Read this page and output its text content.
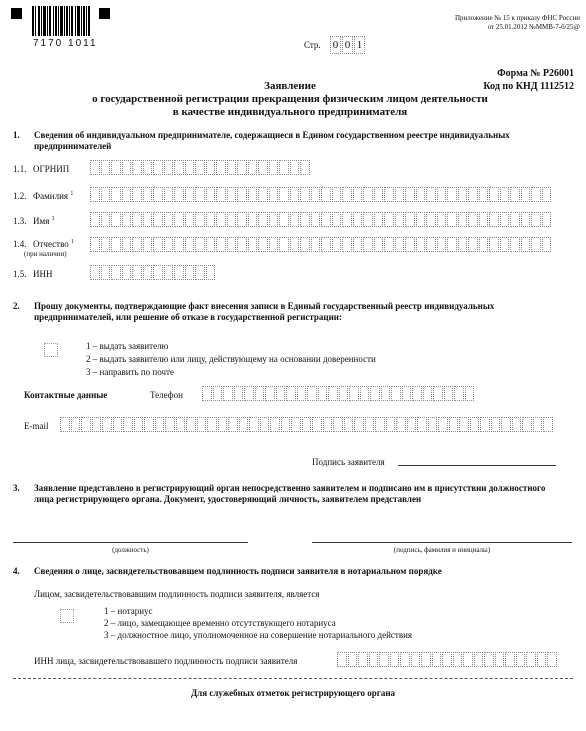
7170 1011
Приложение № 15 к приказу ФНС России
от 25.01.2012 №ММВ-7-6/25@
Стр. 0 0 1
Форма № Р26001
Код по КНД 1112512
Заявление
о государственной регистрации прекращения физическим лицом деятельности
в качестве индивидуального предпринимателя
1. Сведения об индивидуальном предпринимателе, содержащиеся в Едином государственном реестре индивидуальных предпринимателей
1.1. ОГРНИП
1.2. Фамилия $^1$
1.3. Имя $^1$
1.4. Отчество $^1$
(при наличии)
1.5. ИНН
2. Прошу документы, подтверждающие факт внесения записи в Единый государственный реестр индивидуальных предпринимателей, или решение об отказе в государственной регистрации:
1 – выдать заявителю
2 – выдать заявителю или лицу, действующему на основании доверенности
3 – направить по почте
Контактные данные	Телефон
E-mail
Подпись заявителя
3. Заявление представлено в регистрирующий орган непосредственно заявителем и подписано им в присутствии должностного лица регистрирующего органа. Документ, удостоверяющий личность, заявителем представлен
(должность)	(подпись, фамилия и инициалы)
4. Сведения о лице, засвидетельствовавшем подлинность подписи заявителя в нотариальном порядке
Лицом, засвидетельствовавшим подлинность подписи заявителя, является
1 – нотариус
2 – лицо, замещающее временно отсутствующего нотариуса
3 – должностное лицо, уполномоченное на совершение нотариального действия
ИНН лица, засвидетельствовавшего подлинность подписи заявителя
Для служебных отметок регистрирующего органа
